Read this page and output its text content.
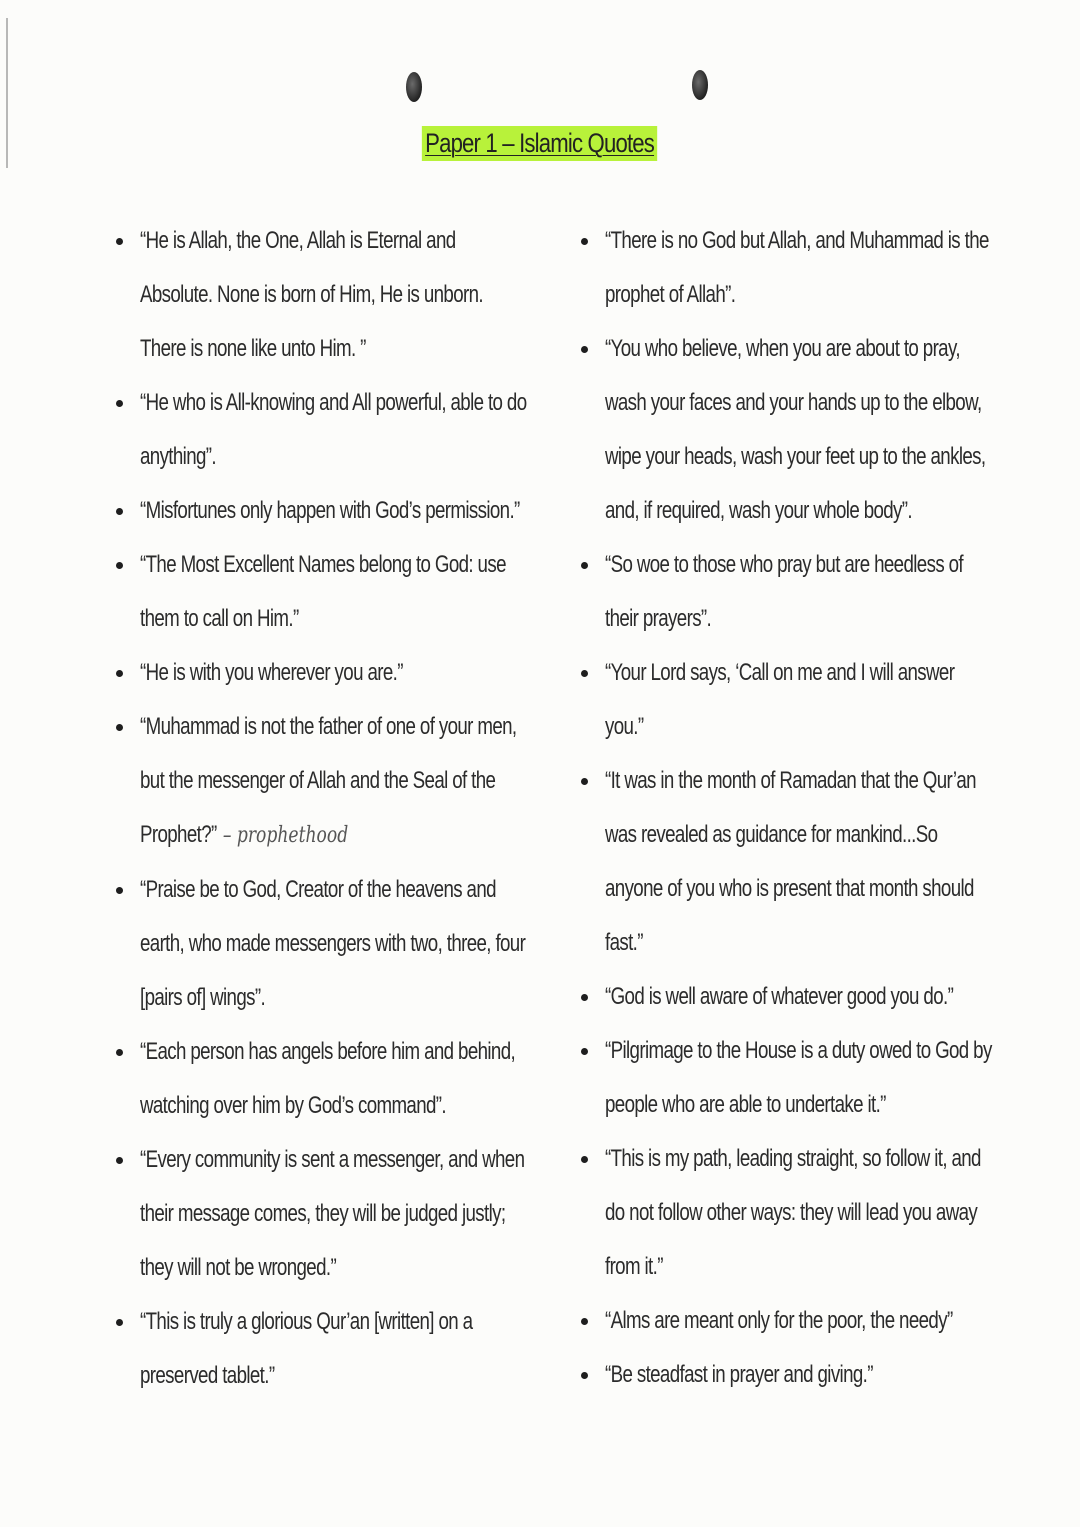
Paper 1 – Islamic Quotes
“He is Allah, the One, Allah is Eternal and Absolute. None is born of Him, He is unborn. There is none like unto Him. ”
“He who is All-knowing and All powerful, able to do anything”.
“Misfortunes only happen with God’s permission.”
“The Most Excellent Names belong to God: use them to call on Him.”
“He is with you wherever you are.”
“Muhammad is not the father of one of your men, but the messenger of Allah and the Seal of the Prophet?” – prophethood
“Praise be to God, Creator of the heavens and earth, who made messengers with two, three, four [pairs of] wings”.
“Each person has angels before him and behind, watching over him by God’s command”.
“Every community is sent a messenger, and when their message comes, they will be judged justly; they will not be wronged.”
“This is truly a glorious Qur’an [written] on a preserved tablet.”
“There is no God but Allah, and Muhammad is the prophet of Allah”.
“You who believe, when you are about to pray, wash your faces and your hands up to the elbow, wipe your heads, wash your feet up to the ankles, and, if required, wash your whole body”.
“So woe to those who pray but are heedless of their prayers”.
“Your Lord says, ‘Call on me and I will answer you.”
“It was in the month of Ramadan that the Qur’an was revealed as guidance for mankind...So anyone of you who is present that month should fast.”
“God is well aware of whatever good you do.”
“Pilgrimage to the House is a duty owed to God by people who are able to undertake it.”
“This is my path, leading straight, so follow it, and do not follow other ways: they will lead you away from it.”
“Alms are meant only for the poor, the needy”
“Be steadfast in prayer and giving.”
